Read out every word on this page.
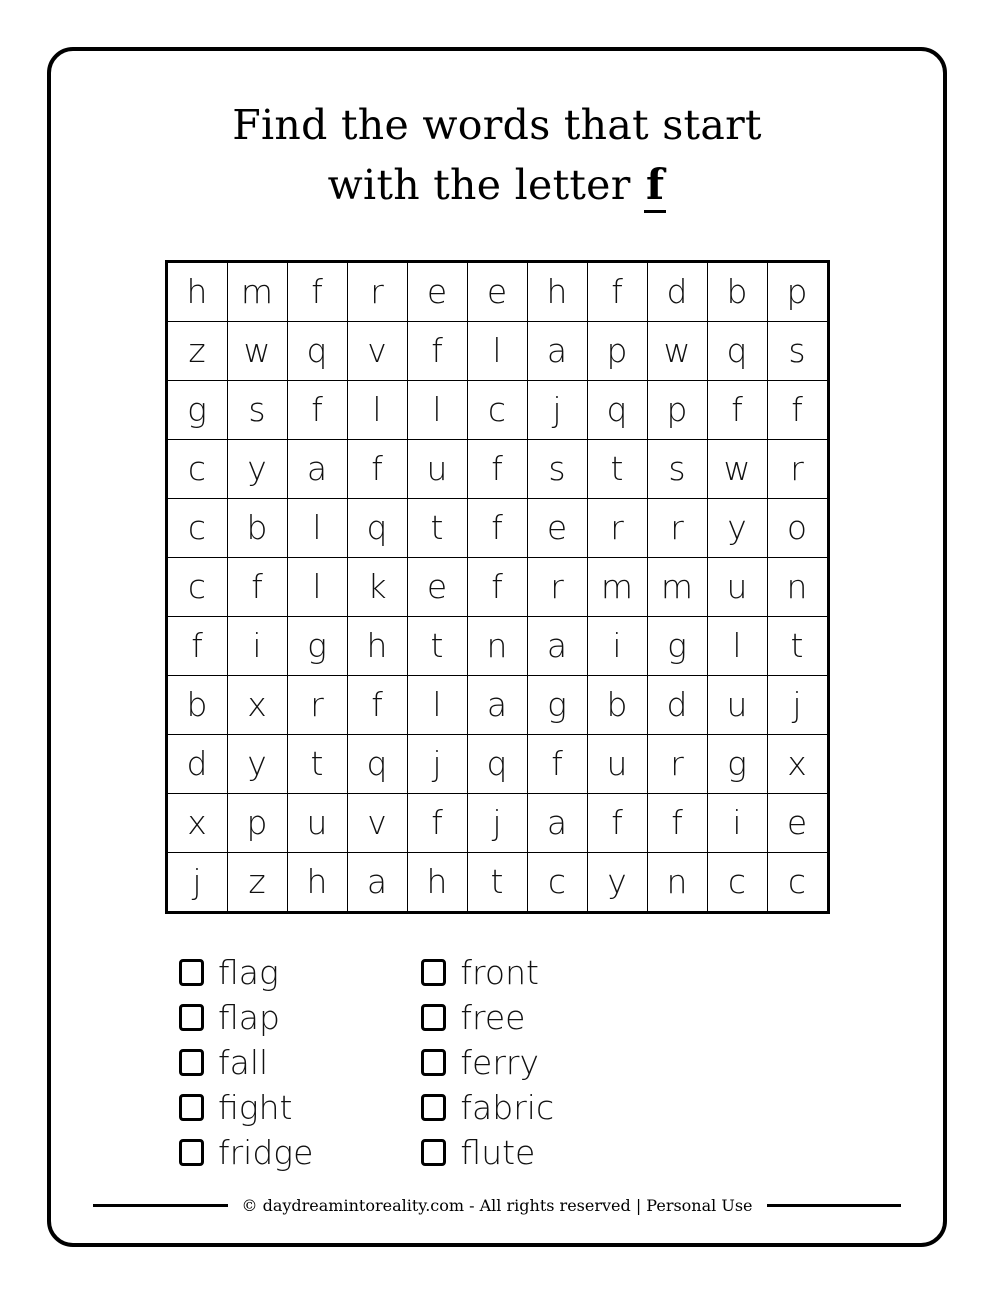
Find the words that start
with the letter f
h	m	f	r	e	e	h	f	d	b	p
z	w	q	v	f	l	a	p	w	q	s
g	s	f	l	l	c	j	q	p	f	f
c	y	a	f	u	f	s	t	s	w	r
c	b	l	q	t	f	e	r	r	y	o
c	f	l	k	e	f	r	m	m	u	n
f	i	g	h	t	n	a	i	g	l	t
b	x	r	f	l	a	g	b	d	u	j
d	y	t	q	j	q	f	u	r	g	x
x	p	u	v	f	j	a	f	f	i	e
j	z	h	a	h	t	c	y	n	c	c
flag
flap
fall
fight
fridge
front
free
ferry
fabric
flute
© daydreamintoreality.com - All rights reserved | Personal Use
